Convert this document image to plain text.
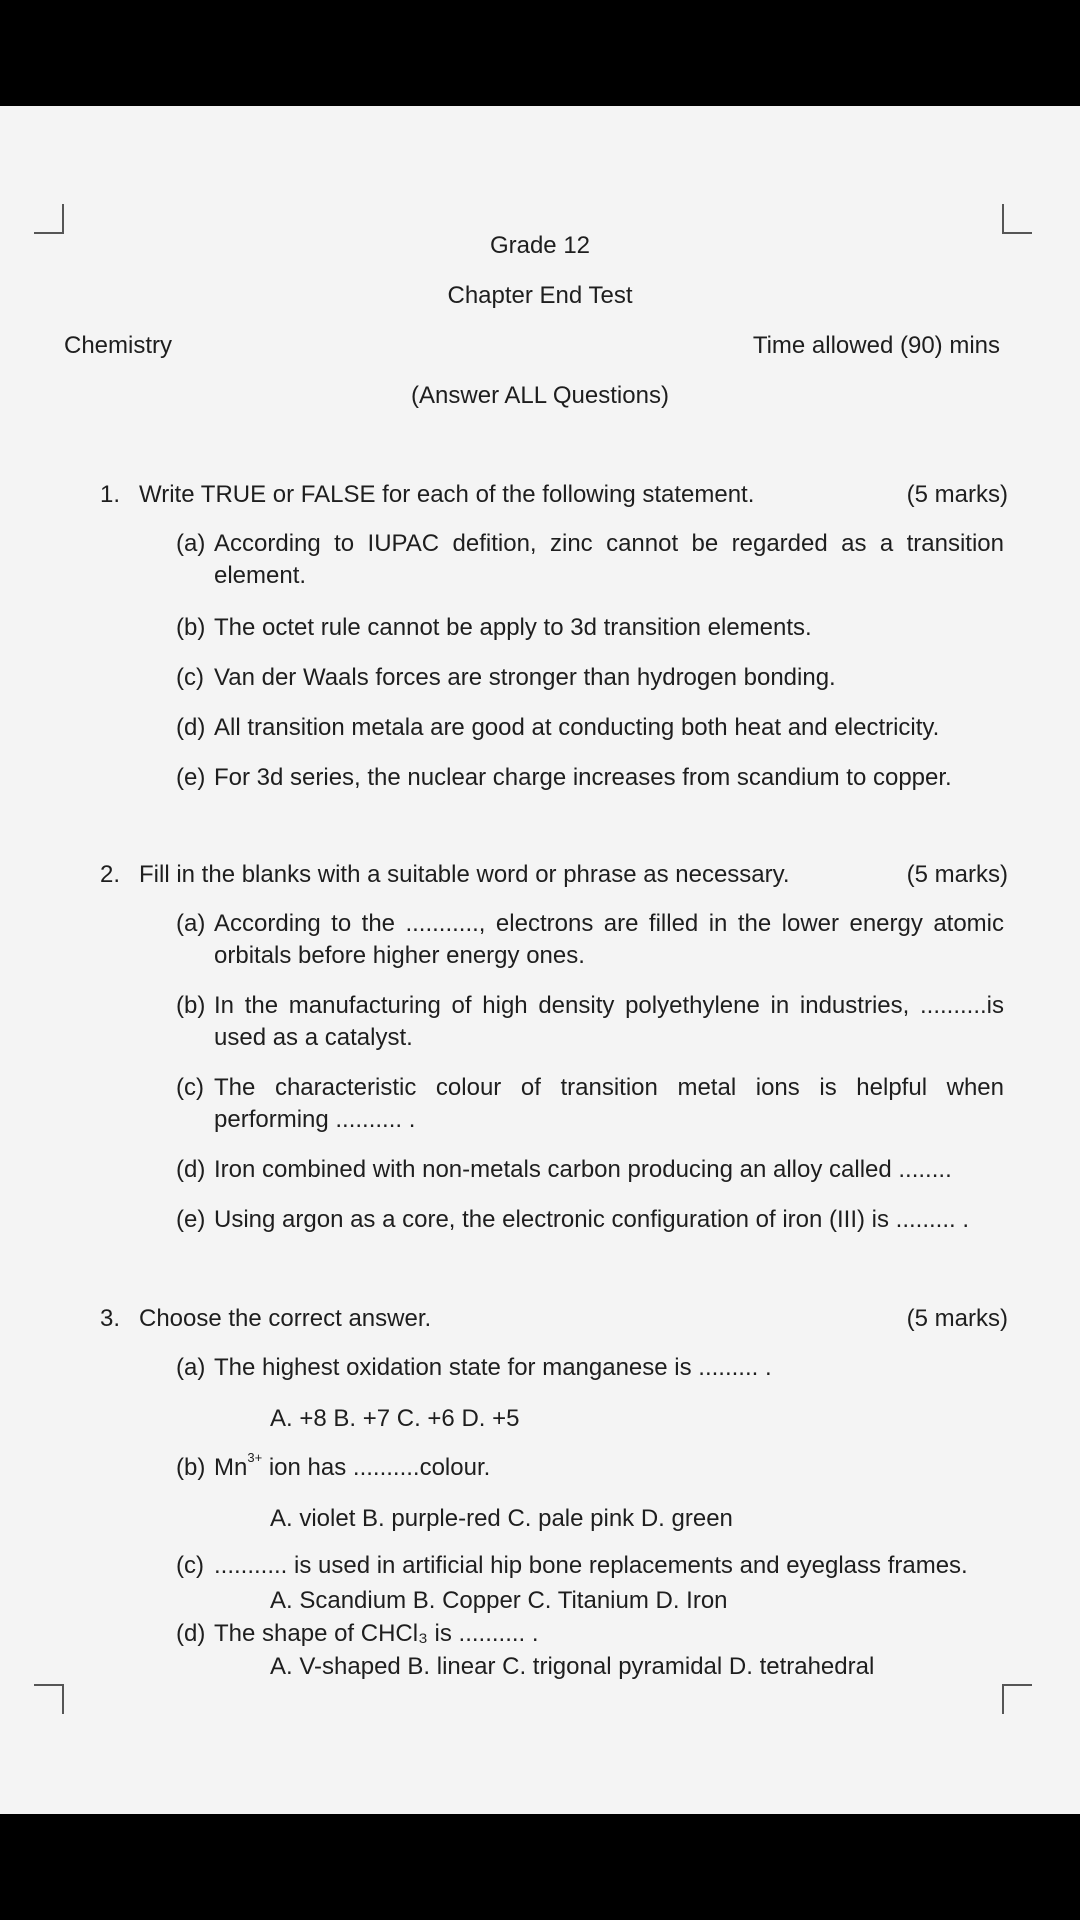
Grade 12
Chapter End Test
Chemistry	Time allowed (90) mins
(Answer ALL Questions)
1. Write TRUE or FALSE for each of the following statement.	(5 marks)
(a) According to IUPAC defition, zinc cannot be regarded as a transition element.
(b) The octet rule cannot be apply to 3d transition elements.
(c) Van der Waals forces are stronger than hydrogen bonding.
(d) All transition metala are good at conducting both heat and electricity.
(e) For 3d series, the nuclear charge increases from scandium to copper.
2. Fill in the blanks with a suitable word or phrase as necessary.	(5 marks)
(a) According to the ..........., electrons are filled in the lower energy atomic orbitals before higher energy ones.
(b) In the manufacturing of high density polyethylene in industries, ..........is used as a catalyst.
(c) The characteristic colour of transition metal ions is helpful when performing .......... .
(d) Iron combined with non-metals carbon producing an alloy called ........
(e) Using argon as a core, the electronic configuration of iron (III) is ......... .
3. Choose the correct answer.	(5 marks)
(a) The highest oxidation state for manganese is ......... .
A. +8 B. +7 C. +6 D. +5
(b) $Mn^{3+}$ ion has ..........colour.
A. violet B. purple-red C. pale pink D. green
(c) ........... is used in artificial hip bone replacements and eyeglass frames.
A. Scandium B. Copper C. Titanium D. Iron
(d) The shape of CHCl₃ is .......... .
A. V-shaped B. linear C. trigonal pyramidal D. tetrahedral
